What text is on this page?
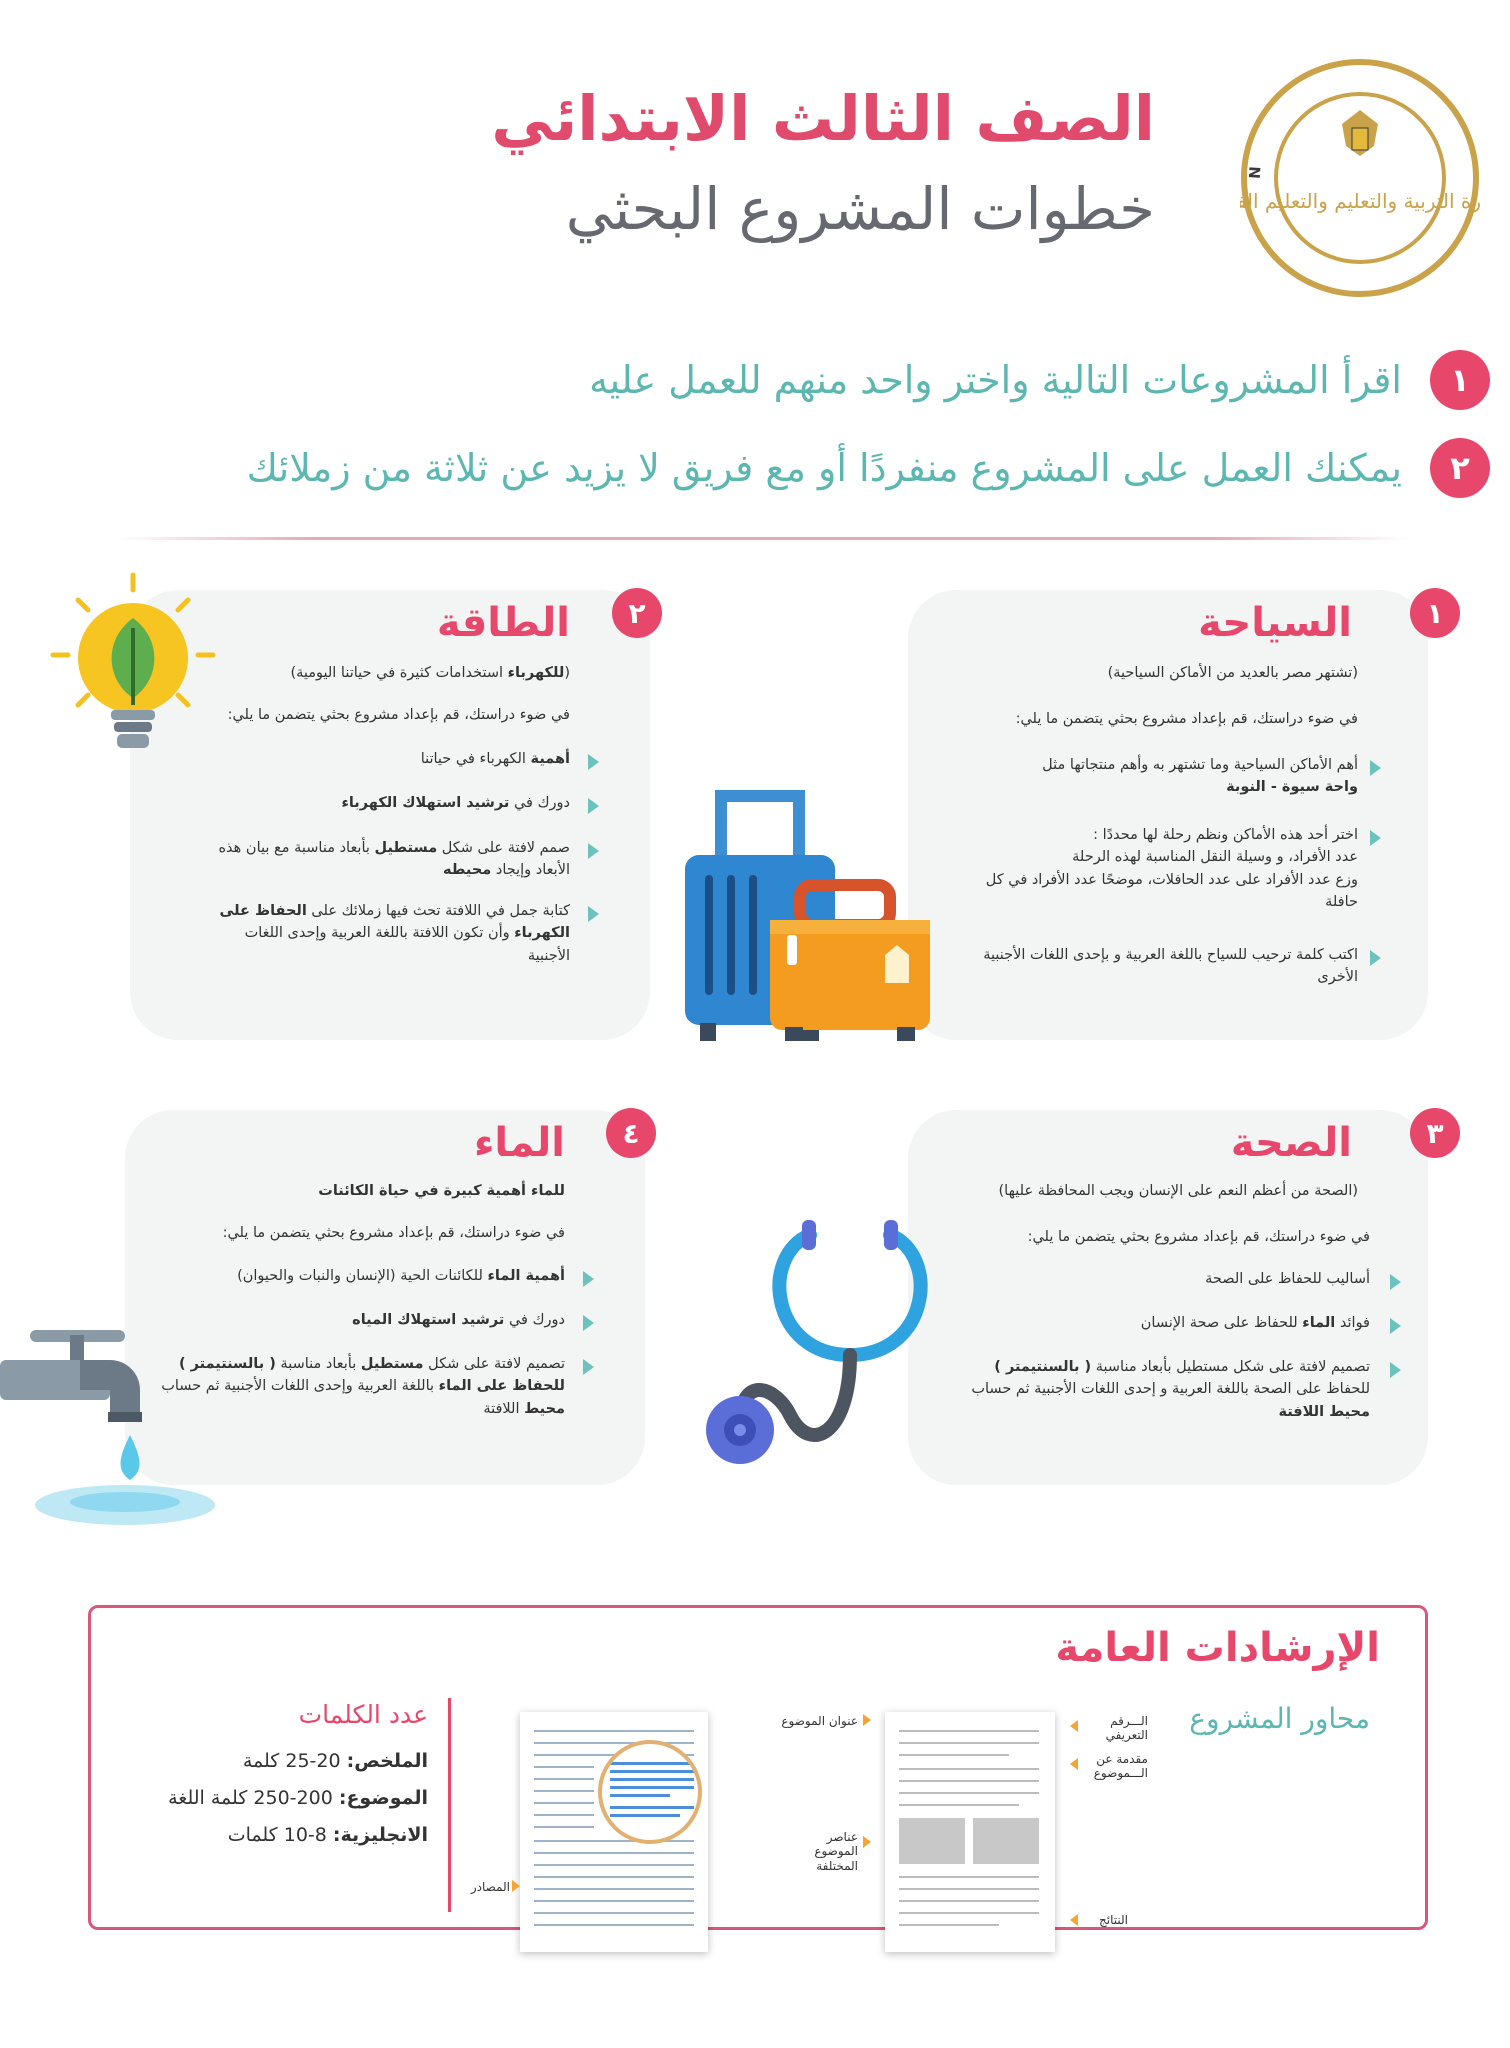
الصف الثالث الابتدائي
خطوات المشروع البحثي
N
رة التربية والتعليم والتعليم ال
١
اقرأ المشروعات التالية واختر واحد منهم للعمل عليه
٢
يمكنك العمل على المشروع منفردًا أو مع فريق لا يزيد عن ثلاثة من زملائك
١
السياحة
(تشتهر مصر بالعديد من الأماكن السياحية)
في ضوء دراستك، قم بإعداد مشروع بحثي يتضمن ما يلي:
أهم الأماكن السياحية وما تشتهر به وأهم منتجاتها مثل
واحة سيوة - النوبة
اختر أحد هذه الأماكن ونظم رحلة لها محددًا :
عدد الأفراد، و وسيلة النقل المناسبة لهذه الرحلة
وزع عدد الأفراد على عدد الحافلات، موضحًا عدد الأفراد في كل
حافلة
اكتب كلمة ترحيب للسياح باللغة العربية و بإحدى اللغات الأجنبية
الأخرى
٢
الطاقة
(للكهرباء استخدامات كثيرة في حياتنا اليومية)
في ضوء دراستك، قم بإعداد مشروع بحثي يتضمن ما يلي:
أهمية الكهرباء في حياتنا
دورك في ترشيد استهلاك الكهرباء
صمم لافتة على شكل مستطيل بأبعاد مناسبة مع بيان هذه
الأبعاد وإيجاد محيطه
كتابة جمل في اللافتة تحث فيها زملائك على الحفاظ على
الكهرباء وأن تكون اللافتة باللغة العربية وإحدى اللغات
الأجنبية
٣
الصحة
(الصحة من أعظم النعم على الإنسان ويجب المحافظة عليها)
في ضوء دراستك، قم بإعداد مشروع بحثي يتضمن ما يلي:
أساليب للحفاظ على الصحة
فوائد الماء للحفاظ على صحة الإنسان
تصميم لافتة على شكل مستطيل بأبعاد مناسبة ( بالسنتيمتر )
للحفاظ على الصحة باللغة العربية و إحدى اللغات الأجنبية ثم حساب
محيط اللافتة
٤
الماء
للماء أهمية كبيرة في حياة الكائنات
في ضوء دراستك، قم بإعداد مشروع بحثي يتضمن ما يلي:
أهمية الماء للكائنات الحية (الإنسان والنبات والحيوان)
دورك في ترشيد استهلاك المياه
تصميم لافتة على شكل مستطيل بأبعاد مناسبة ( بالسنتيمتر )
للحفاظ على الماء باللغة العربية وإحدى اللغات الأجنبية ثم حساب
محيط اللافتة
الإرشادات العامة
محاور المشروع
الـــرقم التعريفي
مقدمة عن الـــموضوع
النتائج
عنوان الموضوع
عناصر الموضوع المختلفة
المصادر
عدد الكلمات
الملخص: 20-25 كلمة
الموضوع: 200-250 كلمة اللغة
الانجليزية: 8-10 كلمات
